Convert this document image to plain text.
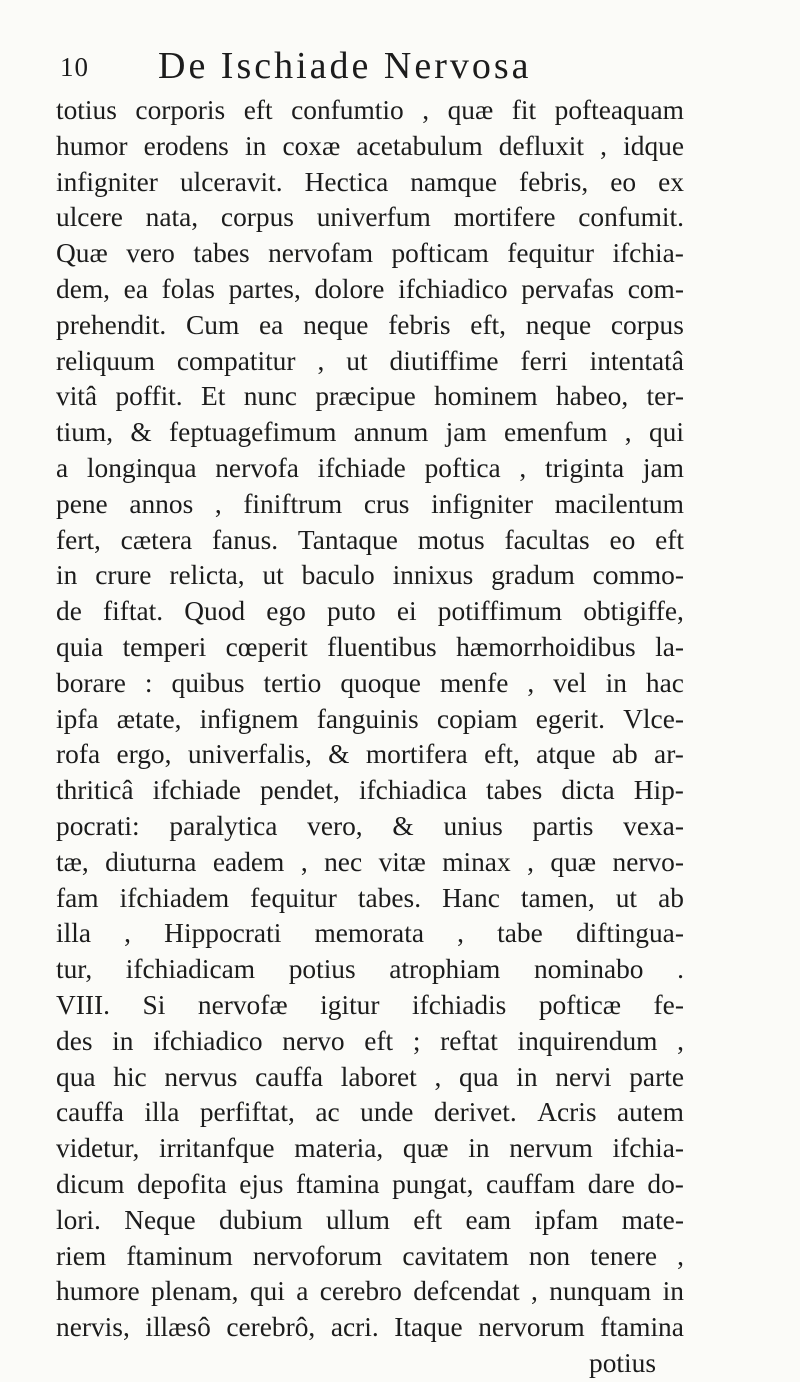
10 De Ischiade Nervosa
totius corporis eft confumtio , quæ fit pofteaquam
humor erodens in coxæ acetabulum defluxit , idque
infigniter ulceravit. Hectica namque febris, eo ex
ulcere nata, corpus univerfum mortifere confumit.
Quæ vero tabes nervofam pofticam fequitur ifchia-
dem, ea folas partes, dolore ifchiadico pervafas com-
prehendit. Cum ea neque febris eft, neque corpus
reliquum compatitur , ut diutiffime ferri intentatâ
vitâ poffit. Et nunc præcipue hominem habeo, ter-
tium, & feptuagefimum annum jam emenfum , qui
a longinqua nervofa ifchiade poftica , triginta jam
pene annos , finiftrum crus infigniter macilentum
fert, cætera fanus. Tantaque motus facultas eo eft
in crure relicta, ut baculo innixus gradum commo-
de fiftat. Quod ego puto ei potiffimum obtigiffe,
quia temperi cœperit fluentibus hæmorrhoidibus la-
borare : quibus tertio quoque menfe , vel in hac
ipfa ætate, infignem fanguinis copiam egerit. Vlce-
rofa ergo, univerfalis, & mortifera eft, atque ab ar-
thriticâ ifchiade pendet, ifchiadica tabes dicta Hip-
pocrati: paralytica vero, & unius partis vexa-
tæ, diuturna eadem , nec vitæ minax , quæ nervo-
fam ifchiadem fequitur tabes. Hanc tamen, ut ab
illa , Hippocrati memorata , tabe diftingua-
tur, ifchiadicam potius atrophiam nominabo .
VIII. Si nervofæ igitur ifchiadis pofticæ fe-
des in ifchiadico nervo eft ; reftat inquirendum ,
qua hic nervus cauffa laboret , qua in nervi parte
cauffa illa perfiftat, ac unde derivet. Acris autem
videtur, irritanfque materia, quæ in nervum ifchia-
dicum depofita ejus ftamina pungat, cauffam dare do-
lori. Neque dubium ullum eft eam ipfam mate-
riem ftaminum nervoforum cavitatem non tenere ,
humore plenam, qui a cerebro defcendat , nunquam in
nervis, illæsô cerebrô, acri. Itaque nervorum ftamina
potius
